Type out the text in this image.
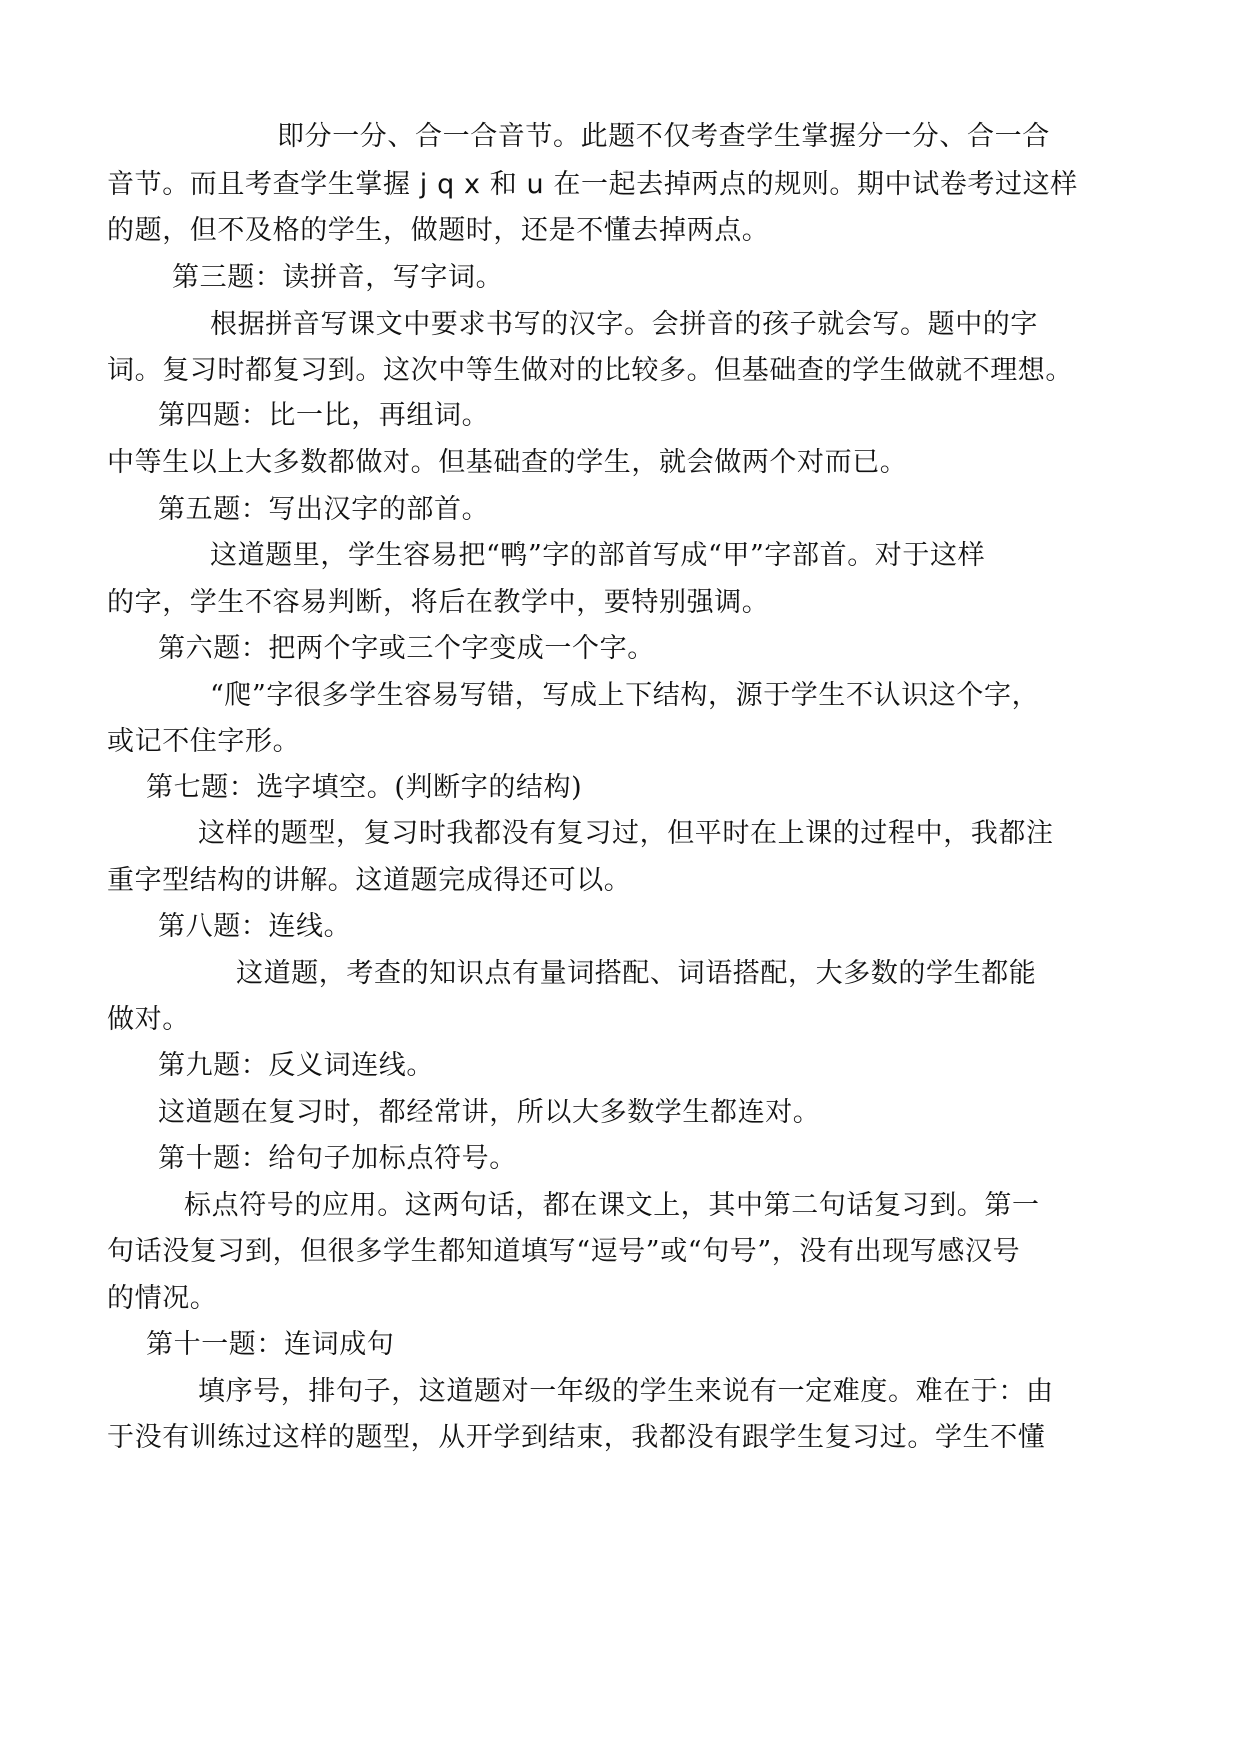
即分一分、合一合音节。此题不仅考查学生掌握分一分、合一合
音节。而且考查学生掌握 j q x 和 u 在一起去掉两点的规则。期中试卷考过这样
的题，但不及格的学生，做题时，还是不懂去掉两点。
第三题：读拼音，写字词。
根据拼音写课文中要求书写的汉字。会拼音的孩子就会写。题中的字
词。复习时都复习到。这次中等生做对的比较多。但基础查的学生做就不理想。
第四题：比一比，再组词。
中等生以上大多数都做对。但基础查的学生，就会做两个对而已。
第五题：写出汉字的部首。
这道题里，学生容易把“鸭”字的部首写成“甲”字部首。对于这样
的字，学生不容易判断，将后在教学中，要特别强调。
第六题：把两个字或三个字变成一个字。
“爬”字很多学生容易写错，写成上下结构，源于学生不认识这个字，
或记不住字形。
第七题：选字填空。(判断字的结构)
这样的题型，复习时我都没有复习过，但平时在上课的过程中，我都注
重字型结构的讲解。这道题完成得还可以。
第八题：连线。
这道题，考查的知识点有量词搭配、词语搭配，大多数的学生都能
做对。
第九题：反义词连线。
这道题在复习时，都经常讲，所以大多数学生都连对。
第十题：给句子加标点符号。
标点符号的应用。这两句话，都在课文上，其中第二句话复习到。第一
句话没复习到，但很多学生都知道填写“逗号”或“句号”，没有出现写感汉号
的情况。
第十一题：连词成句
填序号，排句子，这道题对一年级的学生来说有一定难度。难在于：由
于没有训练过这样的题型，从开学到结束，我都没有跟学生复习过。学生不懂
